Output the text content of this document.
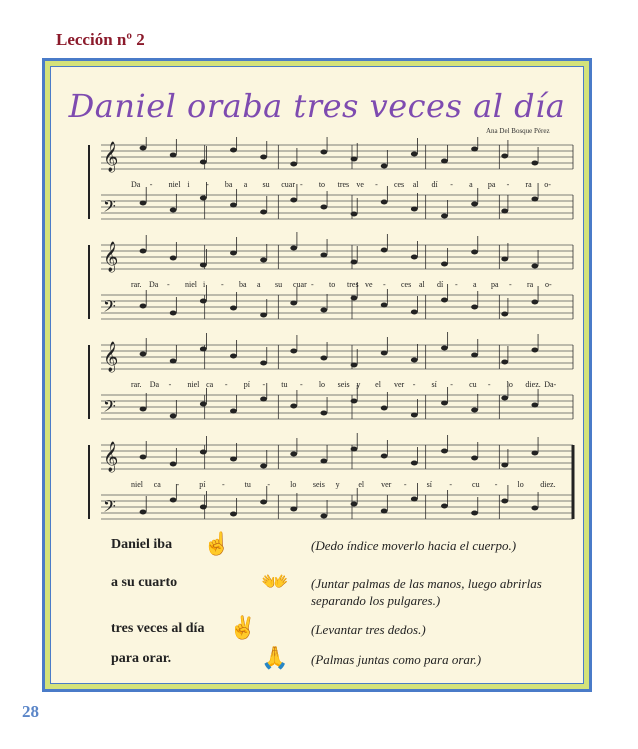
Lección nº 2
Daniel oraba tres veces al día
Ana Del Bosque Pérez
𝄞
𝄢
Da - niel i - ba a su cuar - to tres ve - ces al dí - a pa - ra o-
𝄞
𝄢
rar. Da - niel i - ba a su cuar - to tres ve - ces al dí - a pa - ra o-
𝄞
𝄢
rar. Da - niel ca - pí - tu - lo seis y el ver - sí - cu - lo diez. Da-
𝄞
𝄢
niel ca -	pí -	tu -	lo seis y el ver -	sí -	cu -	lo diez.
Daniel iba ☝	(Dedo índice moverlo hacia el cuerpo.)
a su cuarto	👐 (Juntar palmas de las manos, luego abrirlas separando los pulgares.)
tres veces al día ✌	(Levantar tres dedos.)
para orar.	🙏 (Palmas juntas como para orar.)
28
